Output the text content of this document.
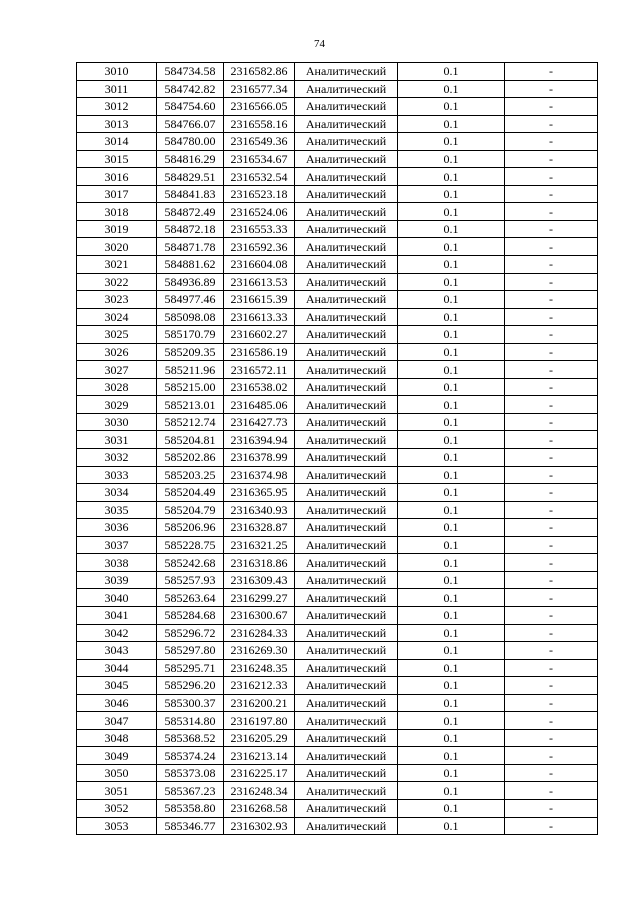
74
3010	584734.58	2316582.86	Аналитический	0.1	-
3011	584742.82	2316577.34	Аналитический	0.1	-
3012	584754.60	2316566.05	Аналитический	0.1	-
3013	584766.07	2316558.16	Аналитический	0.1	-
3014	584780.00	2316549.36	Аналитический	0.1	-
3015	584816.29	2316534.67	Аналитический	0.1	-
3016	584829.51	2316532.54	Аналитический	0.1	-
3017	584841.83	2316523.18	Аналитический	0.1	-
3018	584872.49	2316524.06	Аналитический	0.1	-
3019	584872.18	2316553.33	Аналитический	0.1	-
3020	584871.78	2316592.36	Аналитический	0.1	-
3021	584881.62	2316604.08	Аналитический	0.1	-
3022	584936.89	2316613.53	Аналитический	0.1	-
3023	584977.46	2316615.39	Аналитический	0.1	-
3024	585098.08	2316613.33	Аналитический	0.1	-
3025	585170.79	2316602.27	Аналитический	0.1	-
3026	585209.35	2316586.19	Аналитический	0.1	-
3027	585211.96	2316572.11	Аналитический	0.1	-
3028	585215.00	2316538.02	Аналитический	0.1	-
3029	585213.01	2316485.06	Аналитический	0.1	-
3030	585212.74	2316427.73	Аналитический	0.1	-
3031	585204.81	2316394.94	Аналитический	0.1	-
3032	585202.86	2316378.99	Аналитический	0.1	-
3033	585203.25	2316374.98	Аналитический	0.1	-
3034	585204.49	2316365.95	Аналитический	0.1	-
3035	585204.79	2316340.93	Аналитический	0.1	-
3036	585206.96	2316328.87	Аналитический	0.1	-
3037	585228.75	2316321.25	Аналитический	0.1	-
3038	585242.68	2316318.86	Аналитический	0.1	-
3039	585257.93	2316309.43	Аналитический	0.1	-
3040	585263.64	2316299.27	Аналитический	0.1	-
3041	585284.68	2316300.67	Аналитический	0.1	-
3042	585296.72	2316284.33	Аналитический	0.1	-
3043	585297.80	2316269.30	Аналитический	0.1	-
3044	585295.71	2316248.35	Аналитический	0.1	-
3045	585296.20	2316212.33	Аналитический	0.1	-
3046	585300.37	2316200.21	Аналитический	0.1	-
3047	585314.80	2316197.80	Аналитический	0.1	-
3048	585368.52	2316205.29	Аналитический	0.1	-
3049	585374.24	2316213.14	Аналитический	0.1	-
3050	585373.08	2316225.17	Аналитический	0.1	-
3051	585367.23	2316248.34	Аналитический	0.1	-
3052	585358.80	2316268.58	Аналитический	0.1	-
3053	585346.77	2316302.93	Аналитический	0.1	-
